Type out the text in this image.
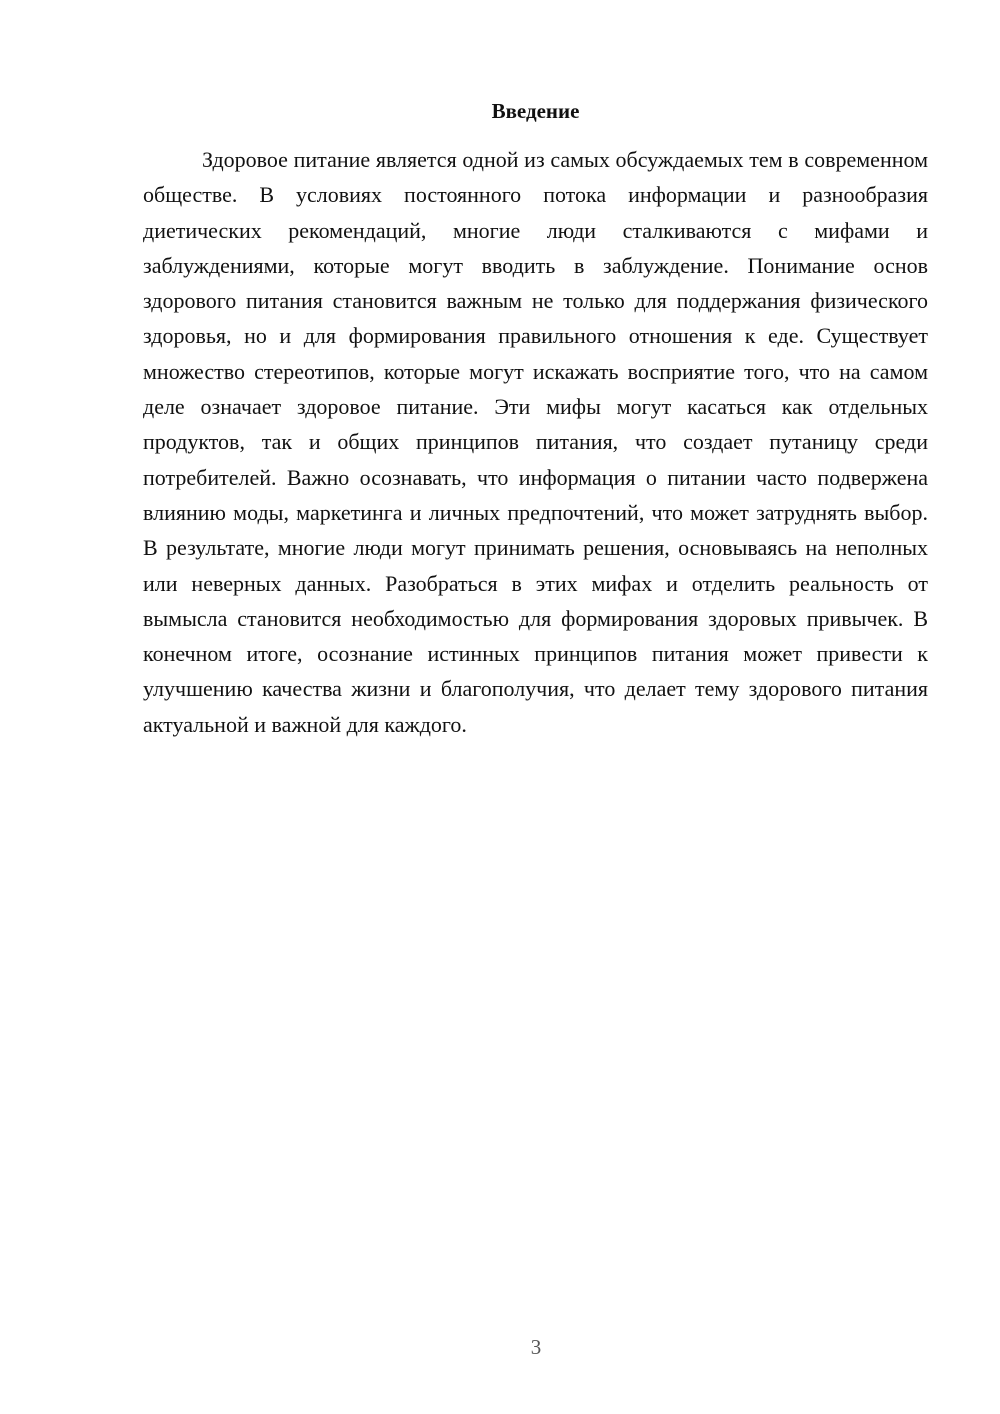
Введение

Здоровое питание является одной из самых обсуждаемых тем в современном обществе. В условиях постоянного потока информации и разнообразия диетических рекомендаций, многие люди сталкиваются с мифами и заблуждениями, которые могут вводить в заблуждение. Понимание основ здорового питания становится важным не только для поддержания физического здоровья, но и для формирования правильного отношения к еде. Существует множество стереотипов, которые могут искажать восприятие того, что на самом деле означает здоровое питание. Эти мифы могут касаться как отдельных продуктов, так и общих принципов питания, что создает путаницу среди потребителей. Важно осознавать, что информация о питании часто подвержена влиянию моды, маркетинга и личных предпочтений, что может затруднять выбор. В результате, многие люди могут принимать решения, основываясь на неполных или неверных данных. Разобраться в этих мифах и отделить реальность от вымысла становится необходимостью для формирования здоровых привычек. В конечном итоге, осознание истинных принципов питания может привести к улучшению качества жизни и благополучия, что делает тему здорового питания актуальной и важной для каждого.

3
